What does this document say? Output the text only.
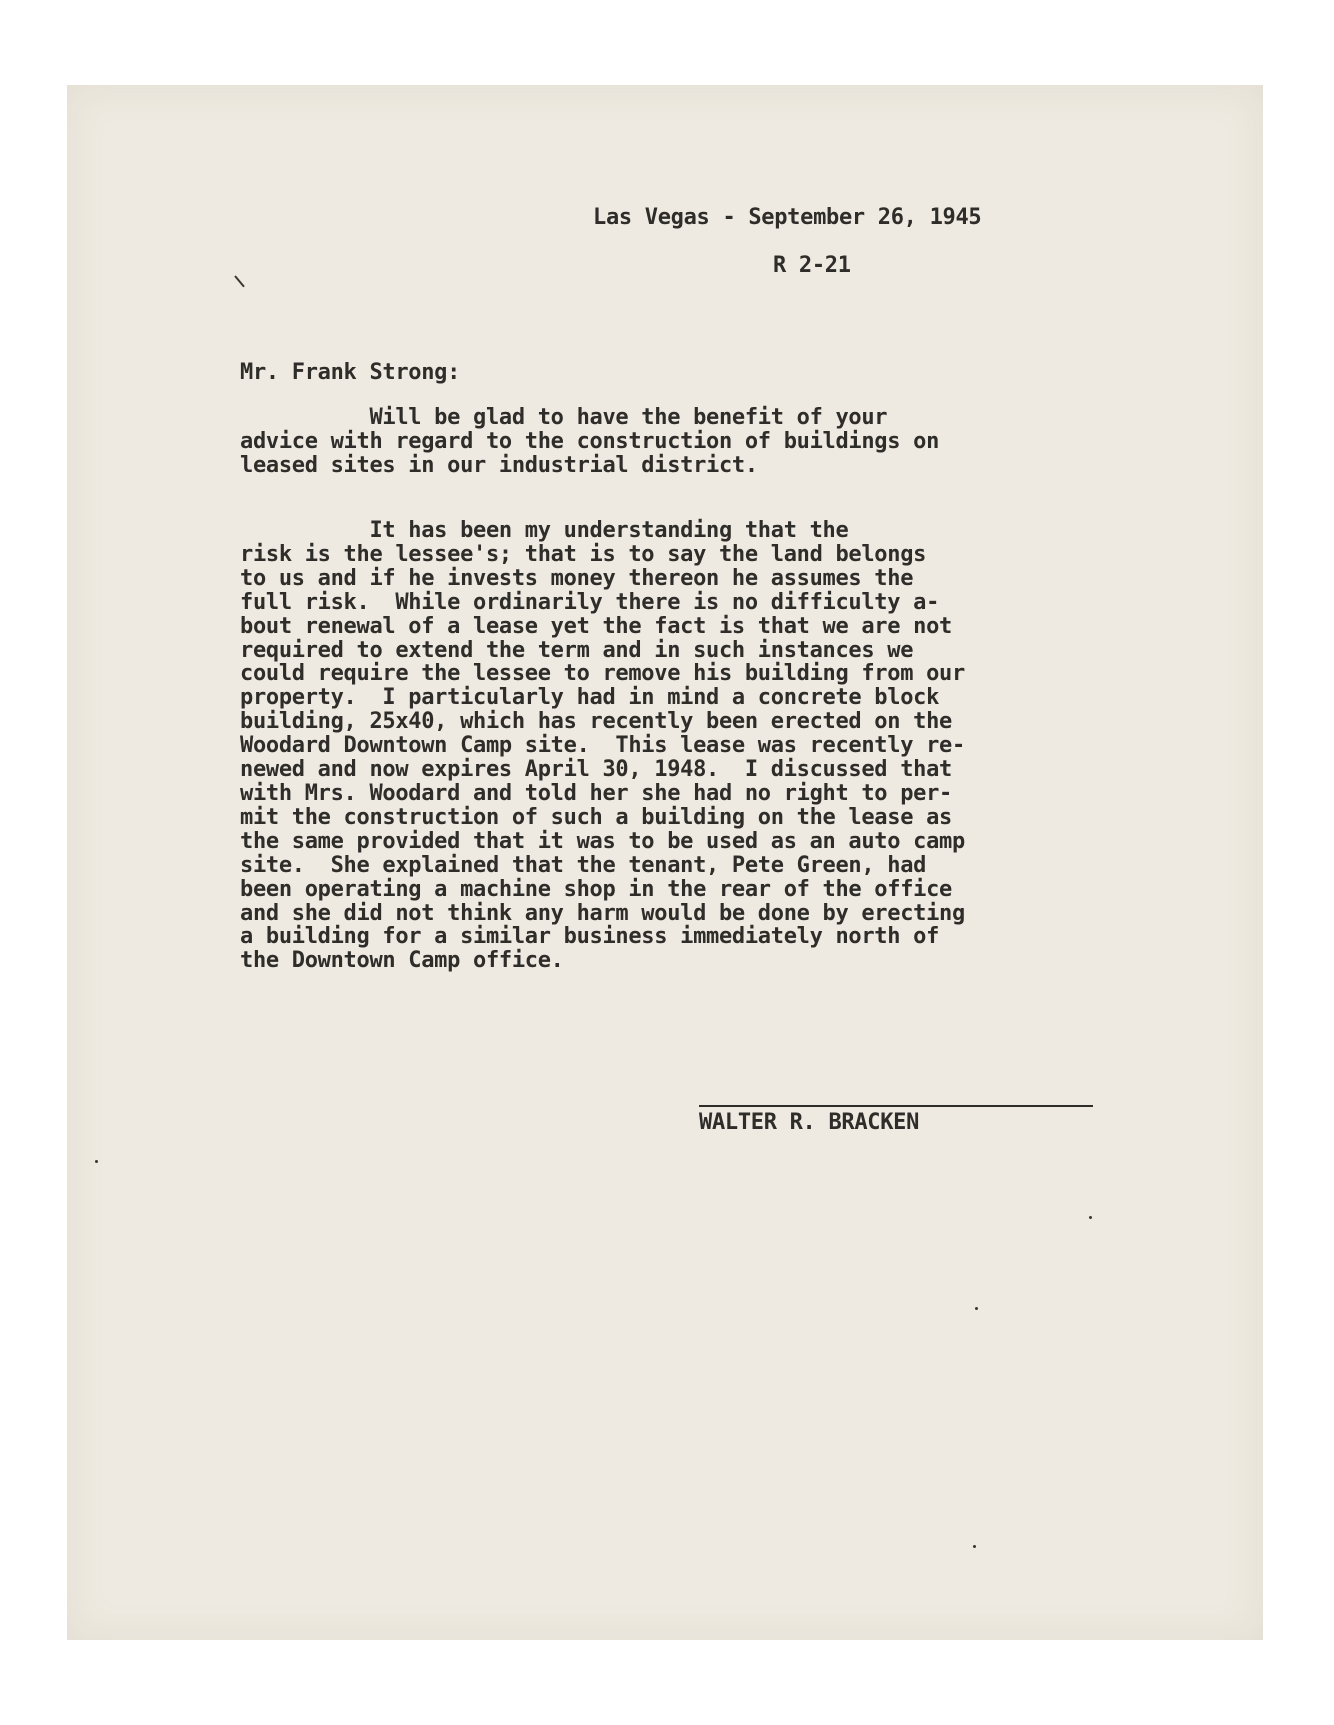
Las Vegas - September 26, 1945

R 2-21

Mr. Frank Strong:

Will be glad to have the benefit of your
advice with regard to the construction of buildings on
leased sites in our industrial district.

It has been my understanding that the
risk is the lessee's; that is to say the land belongs
to us and if he invests money thereon he assumes the
full risk.  While ordinarily there is no difficulty a-
bout renewal of a lease yet the fact is that we are not
required to extend the term and in such instances we
could require the lessee to remove his building from our
property.  I particularly had in mind a concrete block
building, 25x40, which has recently been erected on the
Woodard Downtown Camp site.  This lease was recently re-
newed and now expires April 30, 1948.  I discussed that
with Mrs. Woodard and told her she had no right to per-
mit the construction of such a building on the lease as
the same provided that it was to be used as an auto camp
site.  She explained that the tenant, Pete Green, had
been operating a machine shop in the rear of the office
and she did not think any harm would be done by erecting
a building for a similar business immediately north of
the Downtown Camp office.

WALTER R. BRACKEN
